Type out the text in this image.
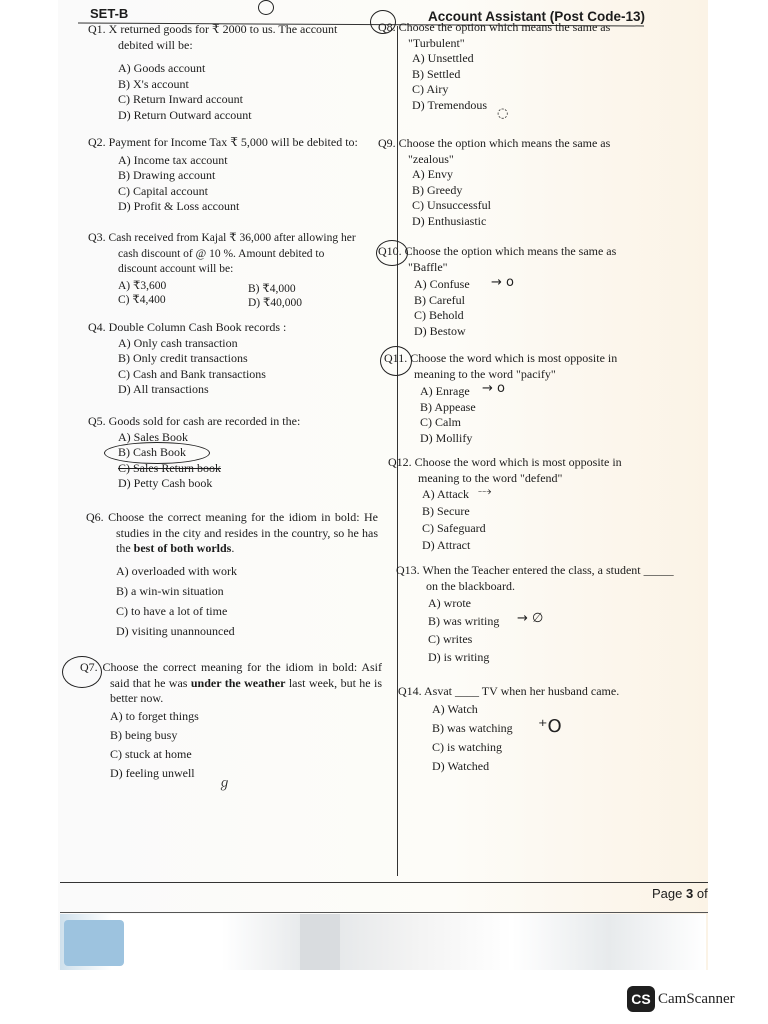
SET-B	Account Assistant (Post Code-13)
Q1. X returned goods for ₹ 2000 to us. The account debited will be:
A) Goods account
B) X's account
C) Return Inward account
D) Return Outward account
Q2. Payment for Income Tax ₹ 5,000 will be debited to:
A) Income tax account
B) Drawing account
C) Capital account
D) Profit & Loss account
Q3. Cash received from Kajal ₹ 36,000 after allowing her cash discount of @ 10 %. Amount debited to discount account will be:
A) ₹3,600	B) ₹4,000
C) ₹4,400	D) ₹40,000
Q4. Double Column Cash Book records :
A) Only cash transaction
B) Only credit transactions
C) Cash and Bank transactions
D) All transactions
Q5. Goods sold for cash are recorded in the:
A) Sales Book
B) Cash Book
C) Sales Return book
D) Petty Cash book
Q6. Choose the correct meaning for the idiom in bold: He studies in the city and resides in the country, so he has the best of both worlds.
A) overloaded with work
B) a win-win situation
C) to have a lot of time
D) visiting unannounced
Q7. Choose the correct meaning for the idiom in bold: Asif said that he was under the weather last week, but he is better now.
A) to forget things
B) being busy
C) stuck at home
D) feeling unwell
Q8. Choose the option which means the same as "Turbulent"
A) Unsettled
B) Settled
C) Airy
D) Tremendous
Q9. Choose the option which means the same as "zealous"
A) Envy
B) Greedy
C) Unsuccessful
D) Enthusiastic
Q10. Choose the option which means the same as "Baffle"
A) Confuse
B) Careful
C) Behold
D) Bestow
Q11. Choose the word which is most opposite in meaning to the word "pacify"
A) Enrage
B) Appease
C) Calm
D) Mollify
Q12. Choose the word which is most opposite in meaning to the word "defend"
A) Attack
B) Secure
C) Safeguard
D) Attract
Q13. When the Teacher entered the class, a student _____ on the blackboard.
A) wrote
B) was writing
C) writes
D) is writing
Q14. Asvat ____ TV when her husband came.
A) Watch
B) was watching
C) is watching
D) Watched
◌
→ o
→ o
⤏
→ ∅
⁺O
ℊ
Page 3 of
CS CamScanner
